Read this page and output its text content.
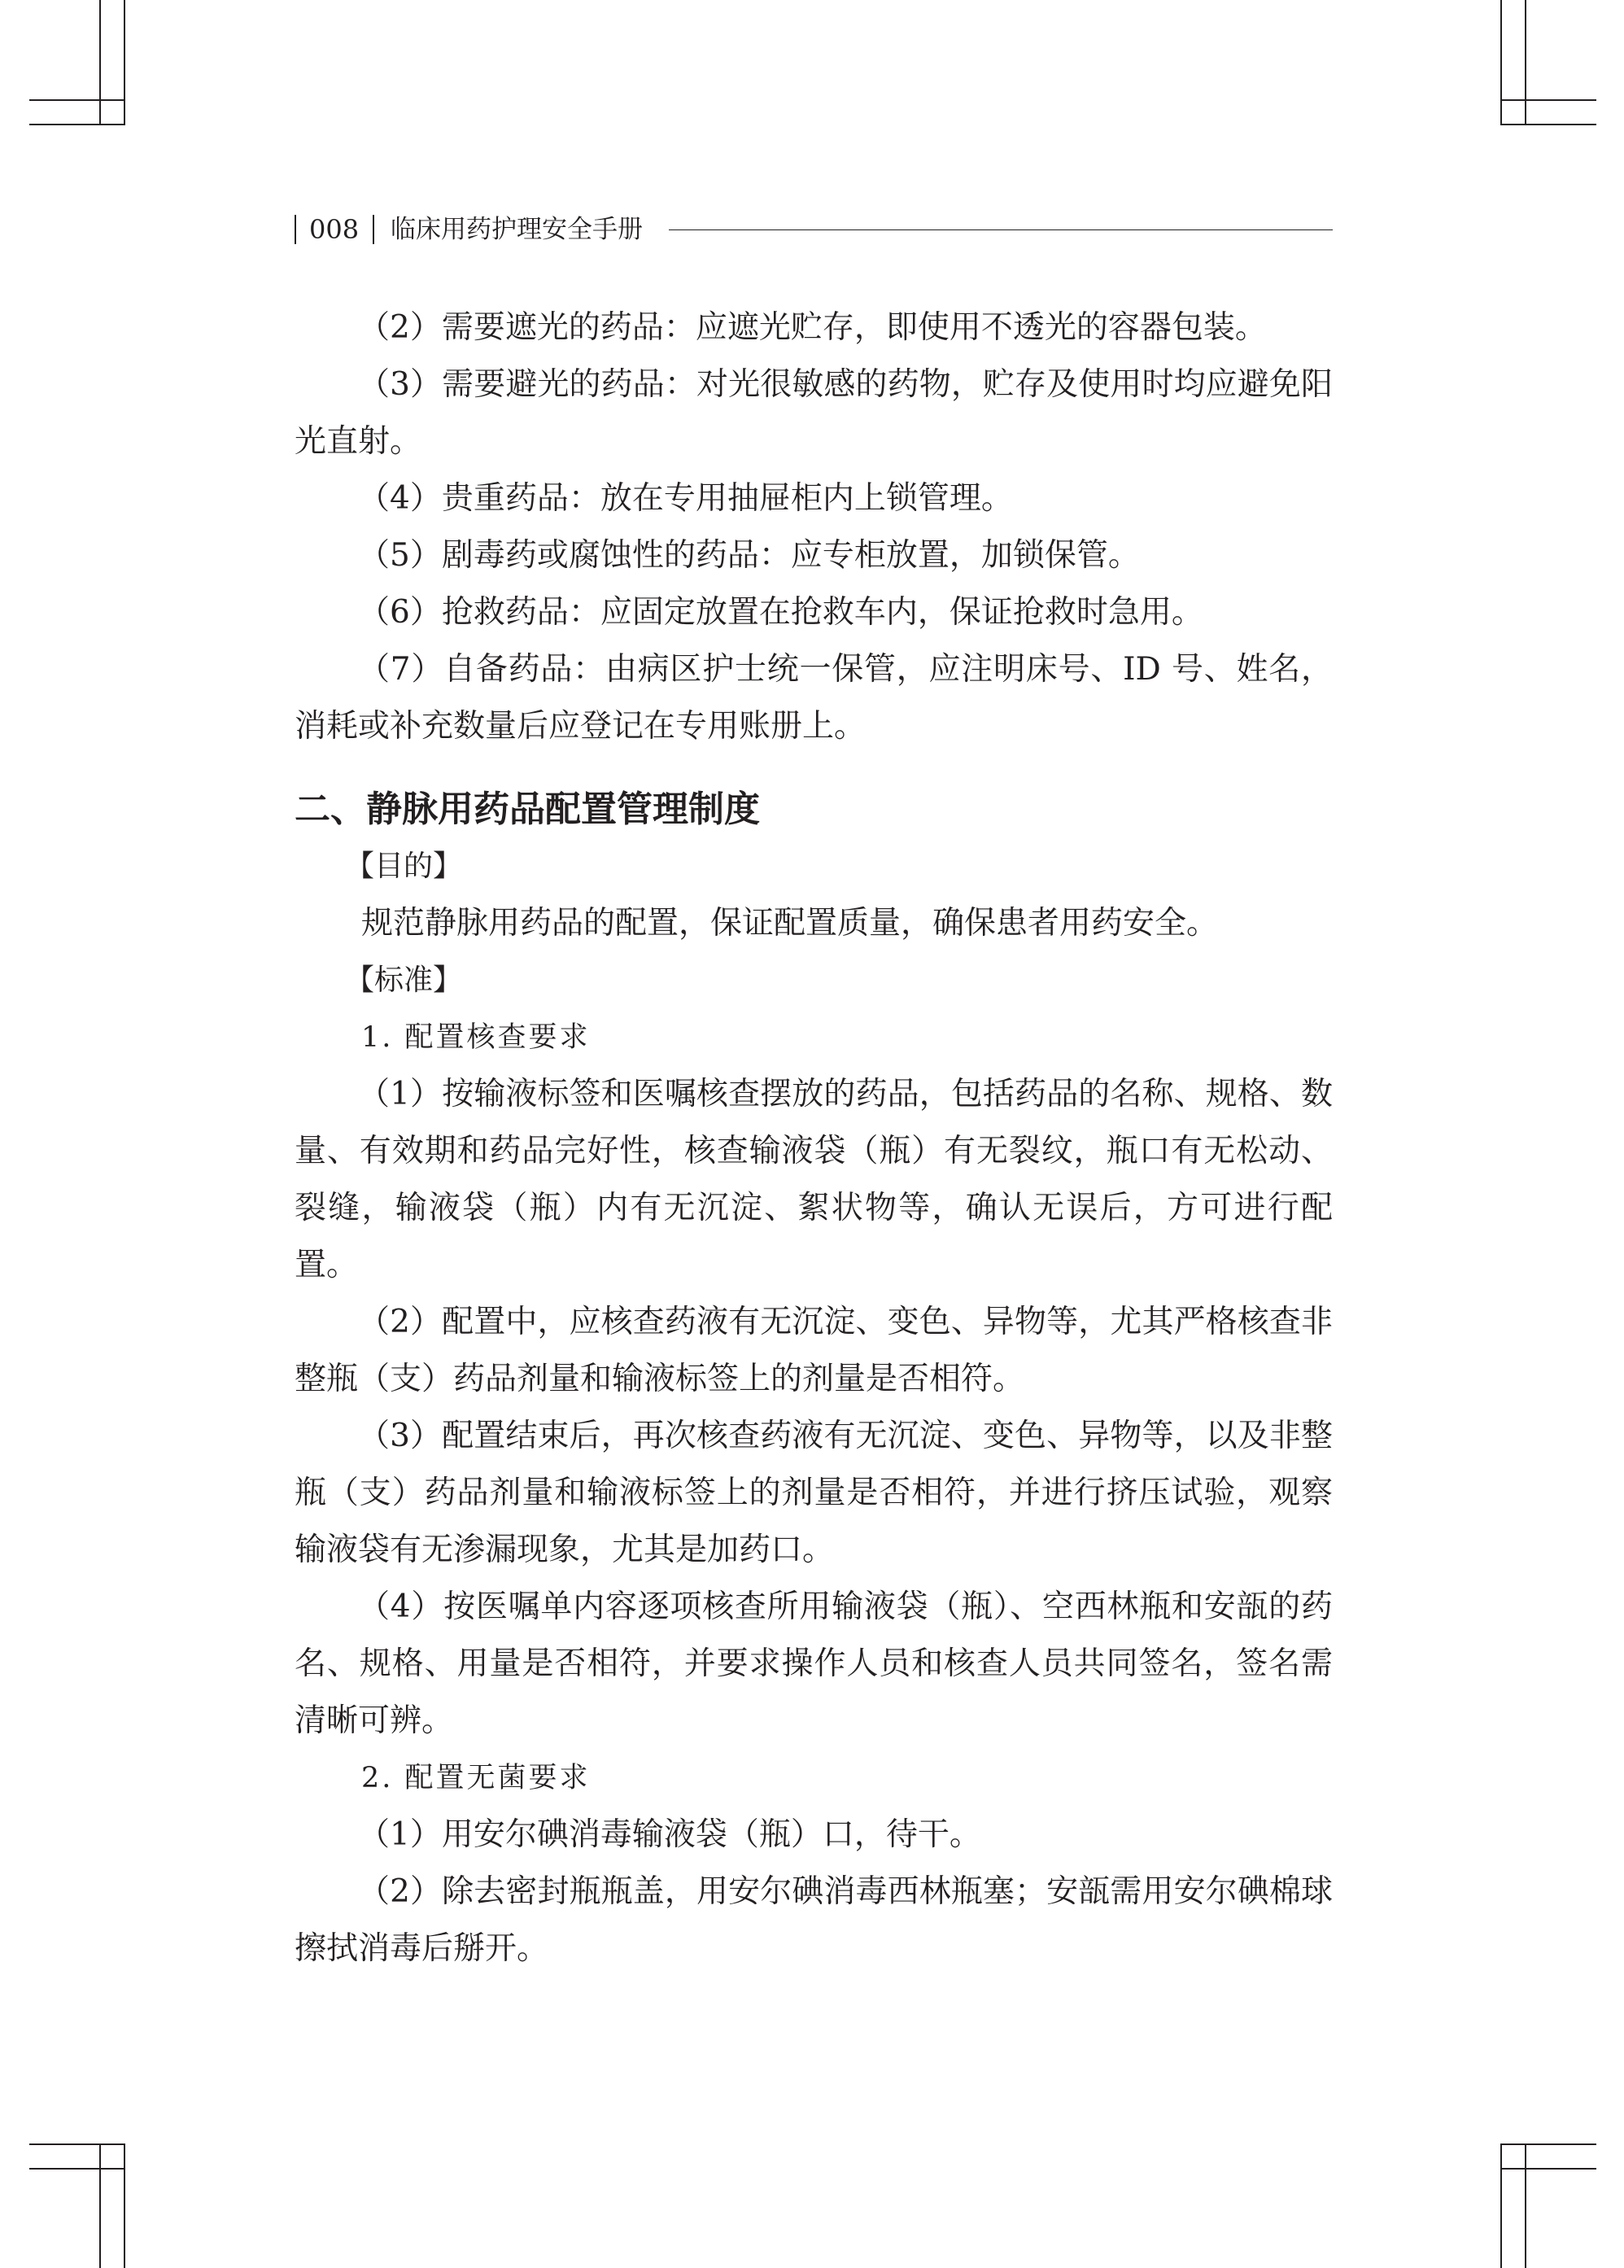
008 临床用药护理安全手册

（2）需要遮光的药品：应遮光贮存，即使用不透光的容器包装。

（3）需要避光的药品：对光很敏感的药物，贮存及使用时均应避免阳光直射。

（4）贵重药品：放在专用抽屉柜内上锁管理。

（5）剧毒药或腐蚀性的药品：应专柜放置，加锁保管。

（6）抢救药品：应固定放置在抢救车内，保证抢救时急用。

（7）自备药品：由病区护士统一保管，应注明床号、ID 号、姓名，消耗或补充数量后应登记在专用账册上。

二、静脉用药品配置管理制度

【目的】

规范静脉用药品的配置，保证配置质量，确保患者用药安全。

【标准】

1. 配置核查要求

（1）按输液标签和医嘱核查摆放的药品，包括药品的名称、规格、数量、有效期和药品完好性，核查输液袋（瓶）有无裂纹，瓶口有无松动、裂缝，输液袋（瓶）内有无沉淀、絮状物等，确认无误后，方可进行配置。

（2）配置中，应核查药液有无沉淀、变色、异物等，尤其严格核查非整瓶（支）药品剂量和输液标签上的剂量是否相符。

（3）配置结束后，再次核查药液有无沉淀、变色、异物等，以及非整瓶（支）药品剂量和输液标签上的剂量是否相符，并进行挤压试验，观察输液袋有无渗漏现象，尤其是加药口。

（4）按医嘱单内容逐项核查所用输液袋（瓶）、空西林瓶和安瓿的药名、规格、用量是否相符，并要求操作人员和核查人员共同签名，签名需清晰可辨。

2. 配置无菌要求

（1）用安尔碘消毒输液袋（瓶）口，待干。

（2）除去密封瓶瓶盖，用安尔碘消毒西林瓶塞；安瓿需用安尔碘棉球擦拭消毒后掰开。
